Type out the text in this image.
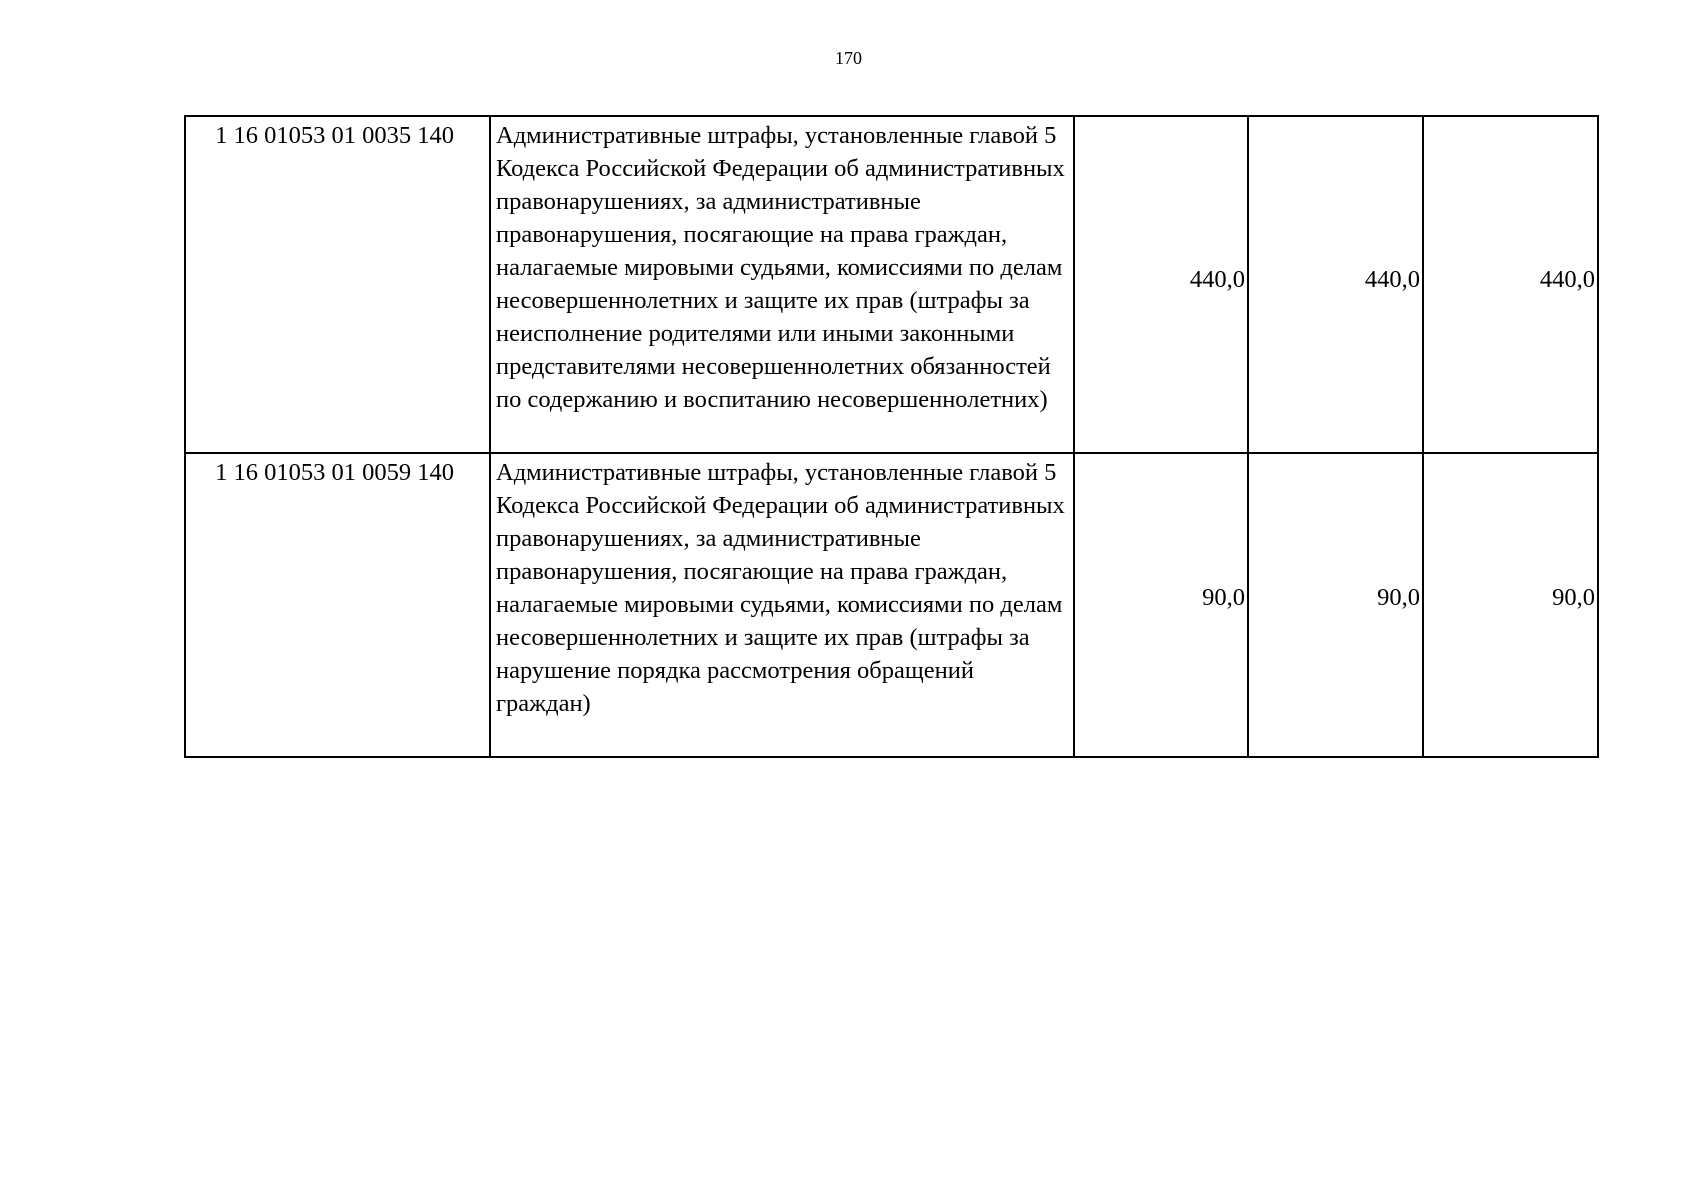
170
1 16 01053 01 0035 140	Административные штрафы, установленные главой 5 Кодекса Российской Федерации об административных правонарушениях, за административные правонарушения, посягающие на права граждан, налагаемые мировыми судьями, комиссиями по делам несовершеннолетних и защите их прав (штрафы за неисполнение родителями или иными законными представителями несовершеннолетних обязанностей по содержанию и воспитанию несовершеннолетних)	440,0	440,0	440,0
1 16 01053 01 0059 140	Административные штрафы, установленные главой 5 Кодекса Российской Федерации об административных правонарушениях, за административные правонарушения, посягающие на права граждан, налагаемые мировыми судьями, комиссиями по делам несовершеннолетних и защите их прав (штрафы за нарушение порядка рассмотрения обращений граждан)	90,0	90,0	90,0
